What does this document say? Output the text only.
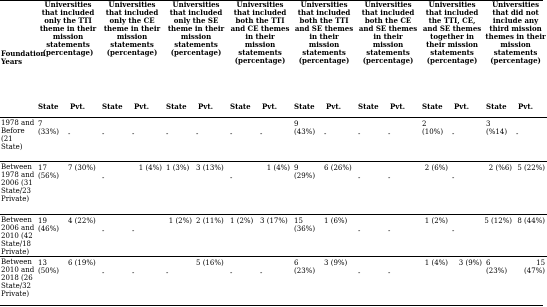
Foundation Years	Universities that included only the TTI theme in their mission statements (percentage)		Universities that included only the CE theme in their mission statements (percentage)		Universities that included only the SE theme in their mission statements (percentage)		Universities that included both the TTI and CE themes in their mission statements (percentage)		Universities that included both the TTI and SE themes in their mission statements (percentage)		Universities that included both the CE and SE themes in their mission statements (percentage)		Universities that included the TTI, CE, and SE themes together in their mission statements (percentage)		Universities that did not include any third mission themes in their mission statements (percentage)	
	State	Pvt.	State	Pvt.	State	Pvt.	State	Pvt.	State	Pvt.	State	Pvt.	State	Pvt.	State	Pvt.
1978 and Before (21 State)	7 (33%)	-	-	-	-	-	-	-	9 (43%)	-	-	-	2 (10%)	-	3 (%14)	-
Between 1978 and 2006 (31 State/23 Private)	17 (56%)	7 (30%)	-	1 (4%)	1 (3%)	3 (13%)	-	1 (4%)	9 (29%)	6 (26%)	-	-	2 (6%)	-	2 (%6)	5 (22%)
Between 2006 and 2010 (42 State/18 Private)	19 (46%)	4 (22%)	-	-	1 (2%)	2 (11%)	1 (2%)	3 (17%)	15 (36%)	1 (6%)	-	-	1 (2%)	-	5 (12%)	8 (44%)
Between 2010 and 2018 (26 State/32 Private)	13 (50%)	6 (19%)	-	-	-	5 (16%)	-	-	6 (23%)	3 (9%)	-	-	1 (4%)	3 (9%)	6 (23%)	15 (47%)
